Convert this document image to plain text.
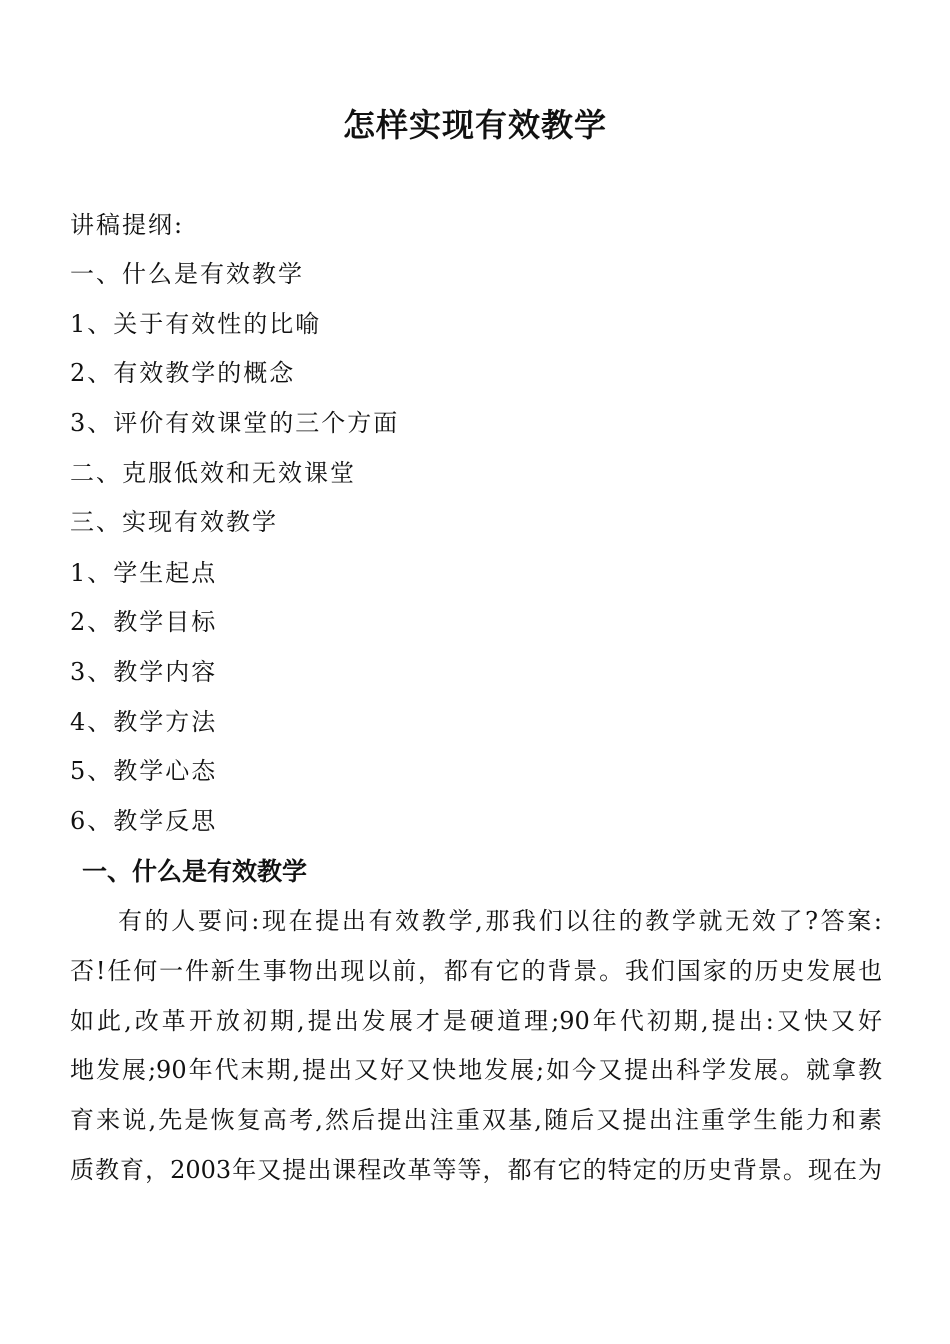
怎样实现有效教学
讲稿提纲:
一、什么是有效教学
1、关于有效性的比喻
2、有效教学的概念
3、评价有效课堂的三个方面
二、克服低效和无效课堂
三、实现有效教学
1、学生起点
2、教学目标
3、教学内容
4、教学方法
5、教学心态
6、教学反思
一、什么是有效教学
有的人要问:现在提出有效教学,那我们以往的教学就无效了?答案:
否!任何一件新生事物出现以前，都有它的背景。我们国家的历史发展也
如此,改革开放初期,提出发展才是硬道理;90年代初期,提出:又快又好
地发展;90年代末期,提出又好又快地发展;如今又提出科学发展。就拿教
育来说,先是恢复高考,然后提出注重双基,随后又提出注重学生能力和素
质教育，2003年又提出课程改革等等，都有它的特定的历史背景。现在为
